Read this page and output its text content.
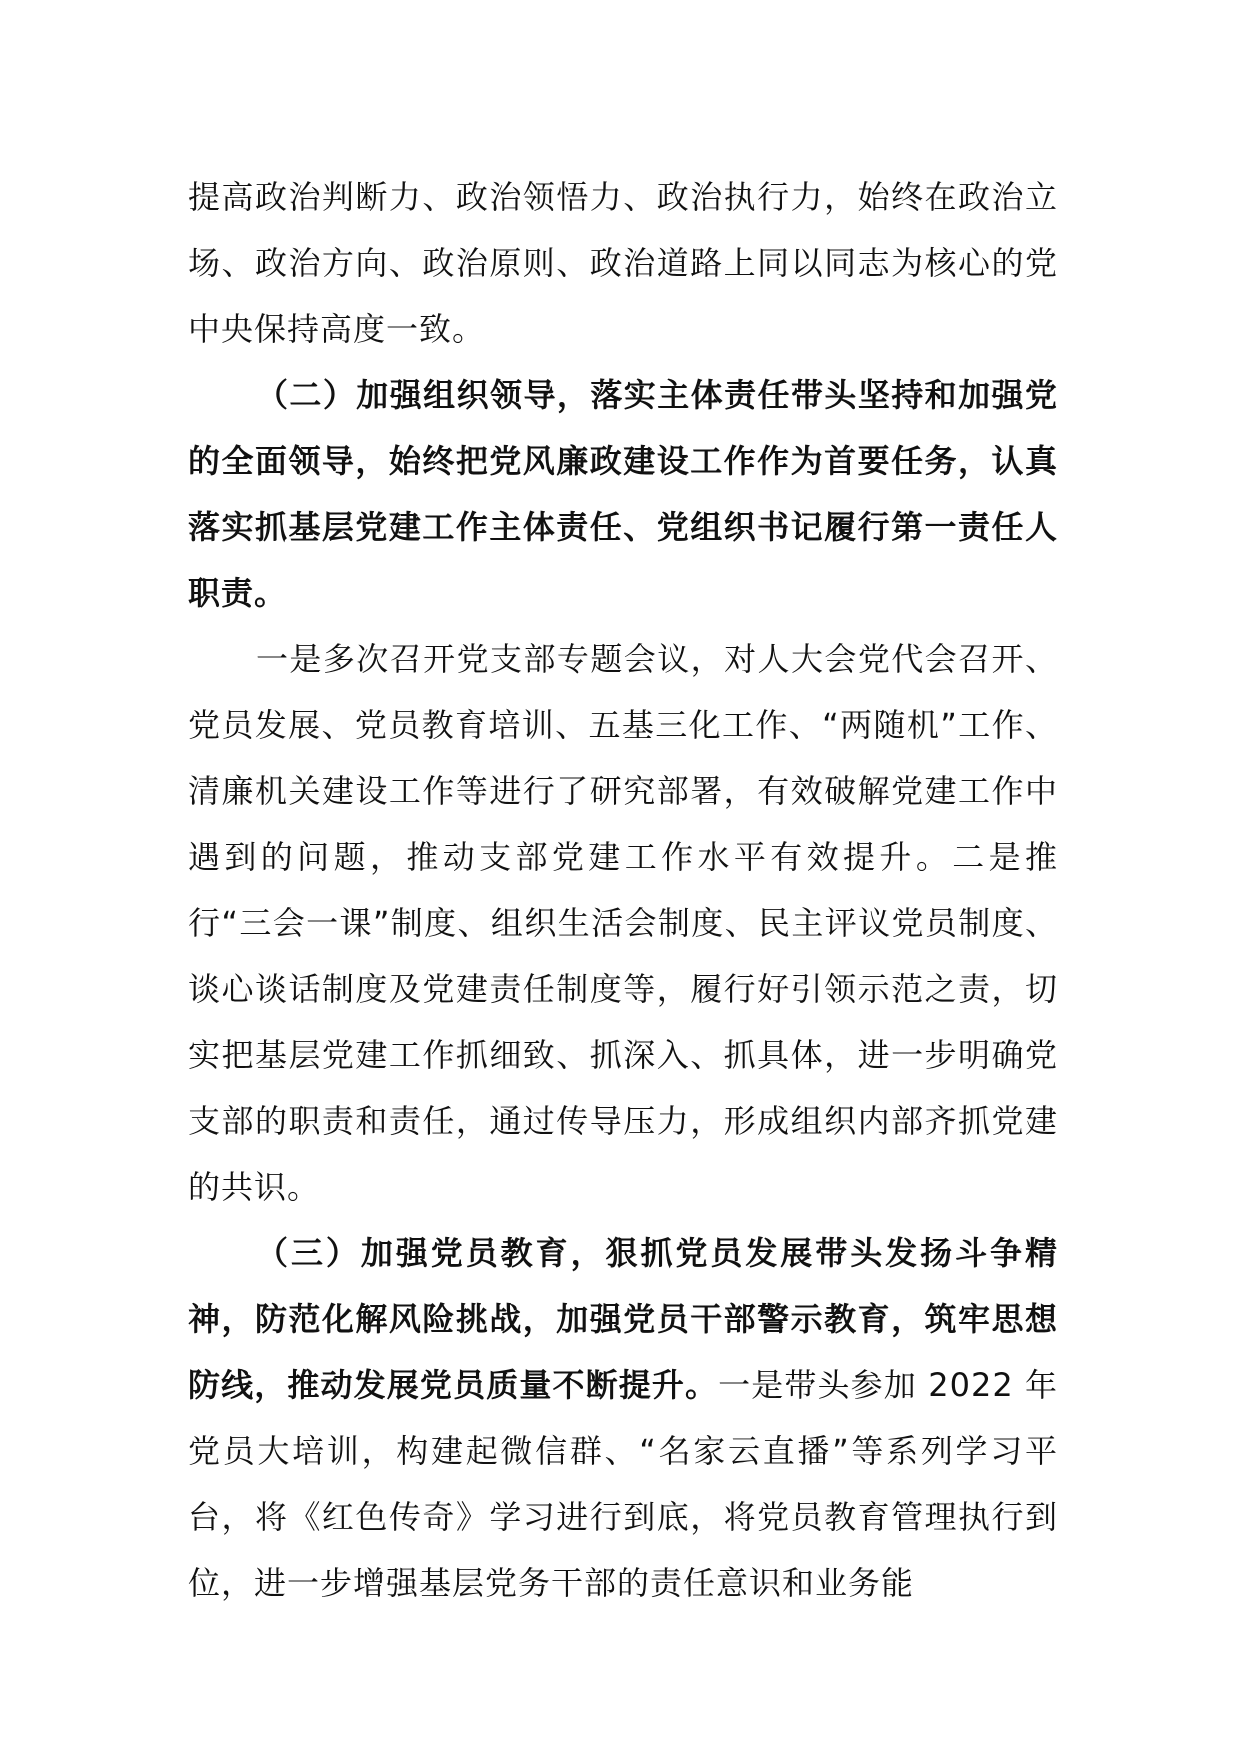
提高政治判断力、政治领悟力、政治执行力，始终在政治立场、政治方向、政治原则、政治道路上同以同志为核心的党中央保持高度一致。

（二）加强组织领导，落实主体责任带头坚持和加强党的全面领导，始终把党风廉政建设工作作为首要任务，认真落实抓基层党建工作主体责任、党组织书记履行第一责任人职责。

一是多次召开党支部专题会议，对人大会党代会召开、党员发展、党员教育培训、五基三化工作、“两随机”工作、清廉机关建设工作等进行了研究部署，有效破解党建工作中遇到的问题，推动支部党建工作水平有效提升。二是推行“三会一课”制度、组织生活会制度、民主评议党员制度、谈心谈话制度及党建责任制度等，履行好引领示范之责，切实把基层党建工作抓细致、抓深入、抓具体，进一步明确党支部的职责和责任，通过传导压力，形成组织内部齐抓党建的共识。

（三）加强党员教育，狠抓党员发展带头发扬斗争精神，防范化解风险挑战，加强党员干部警示教育，筑牢思想防线，推动发展党员质量不断提升。一是带头参加 2022 年党员大培训，构建起微信群、“名家云直播”等系列学习平台，将《红色传奇》学习进行到底，将党员教育管理执行到位，进一步增强基层党务干部的责任意识和业务能
